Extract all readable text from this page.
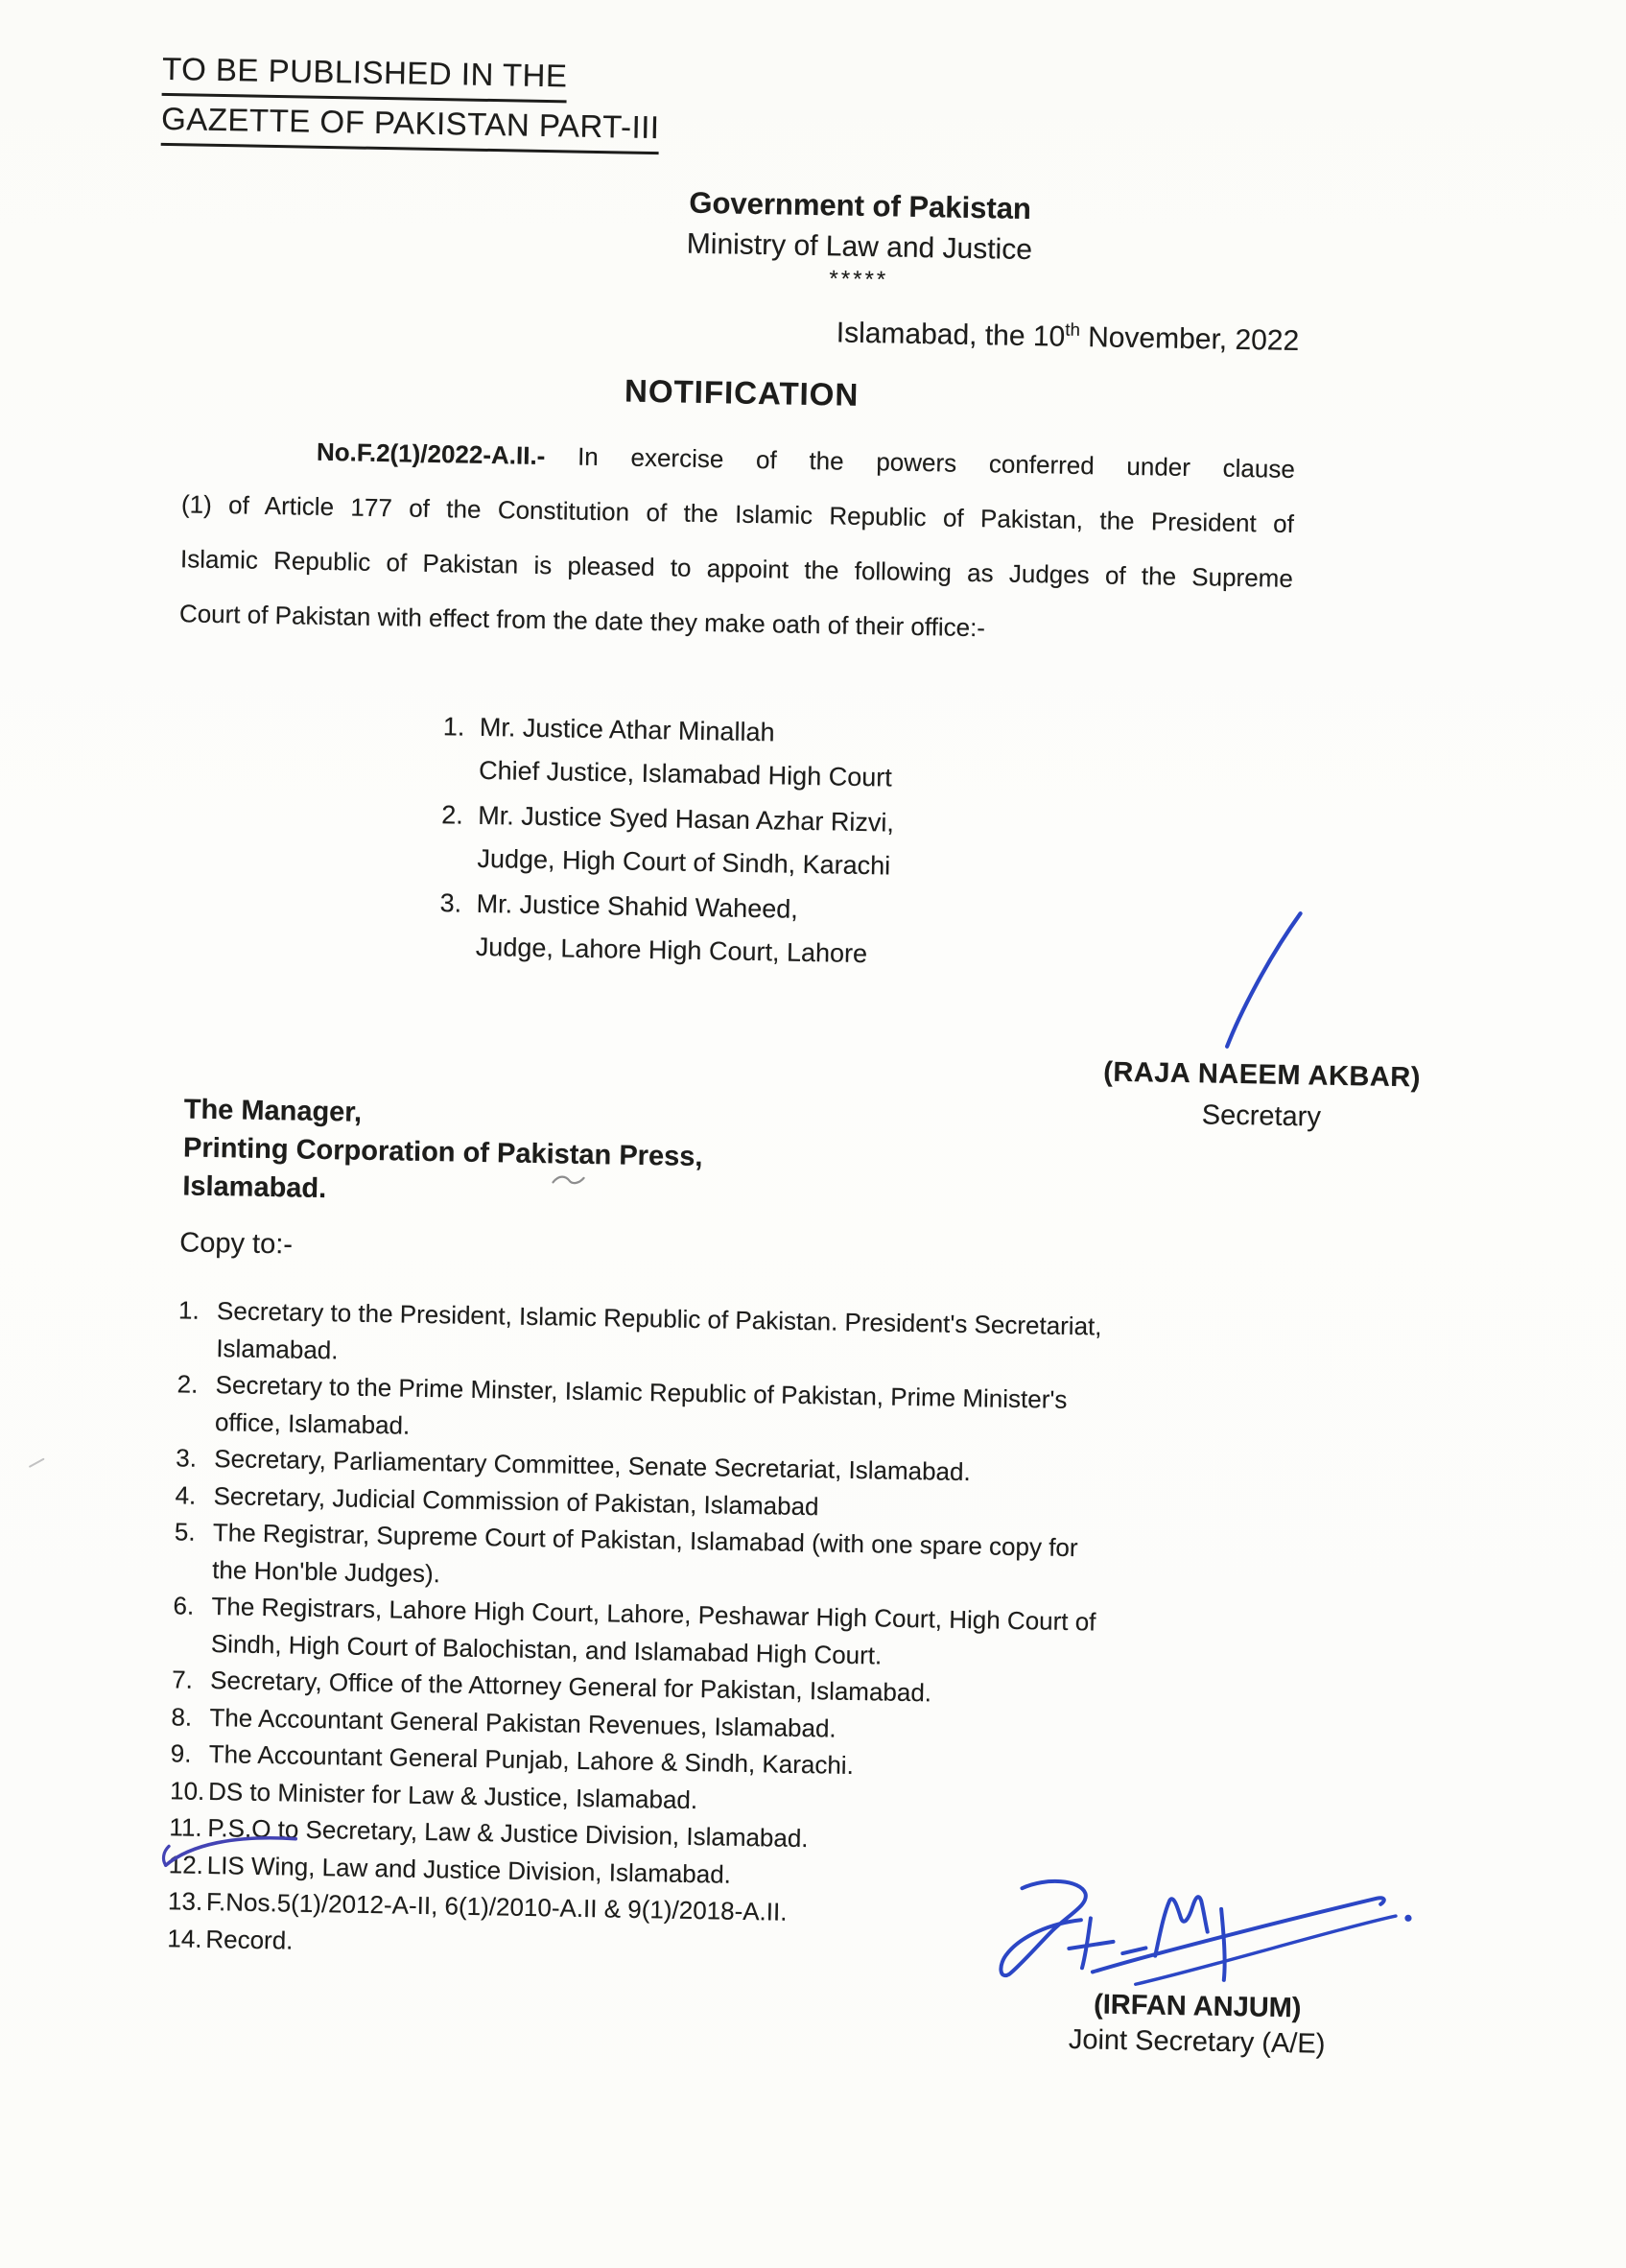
TO BE PUBLISHED IN THE
GAZETTE OF PAKISTAN PART-III
Government of Pakistan
Ministry of Law and Justice
*****
Islamabad, the 10th November, 2022
NOTIFICATION
No.F.2(1)/2022-A.II.- In exercise of the powers conferred under clause
(1) of Article 177 of the Constitution of the Islamic Republic of Pakistan, the President of
Islamic Republic of Pakistan is pleased to appoint the following as Judges of the Supreme
Court of Pakistan with effect from the date they make oath of their office:-
1. Mr. Justice Athar Minallah
Chief Justice, Islamabad High Court
2. Mr. Justice Syed Hasan Azhar Rizvi,
Judge, High Court of Sindh, Karachi
3. Mr. Justice Shahid Waheed,
Judge, Lahore High Court, Lahore
(RAJA NAEEM AKBAR)
Secretary
The Manager,
Printing Corporation of Pakistan Press,
Islamabad.
Copy to:-
1. Secretary to the President, Islamic Republic of Pakistan. President's Secretariat,
Islamabad.
2. Secretary to the Prime Minster, Islamic Republic of Pakistan, Prime Minister's
office, Islamabad.
3. Secretary, Parliamentary Committee, Senate Secretariat, Islamabad.
4. Secretary, Judicial Commission of Pakistan, Islamabad
5. The Registrar, Supreme Court of Pakistan, Islamabad (with one spare copy for
the Hon'ble Judges).
6. The Registrars, Lahore High Court, Lahore, Peshawar High Court, High Court of
Sindh, High Court of Balochistan, and Islamabad High Court.
7. Secretary, Office of the Attorney General for Pakistan, Islamabad.
8. The Accountant General Pakistan Revenues, Islamabad.
9. The Accountant General Punjab, Lahore & Sindh, Karachi.
10. DS to Minister for Law & Justice, Islamabad.
11. P.S.O to Secretary, Law & Justice Division, Islamabad.
12. LIS Wing, Law and Justice Division, Islamabad.
13. F.Nos.5(1)/2012-A-II, 6(1)/2010-A.II & 9(1)/2018-A.II.
14. Record.
(IRFAN ANJUM)
Joint Secretary (A/E)
